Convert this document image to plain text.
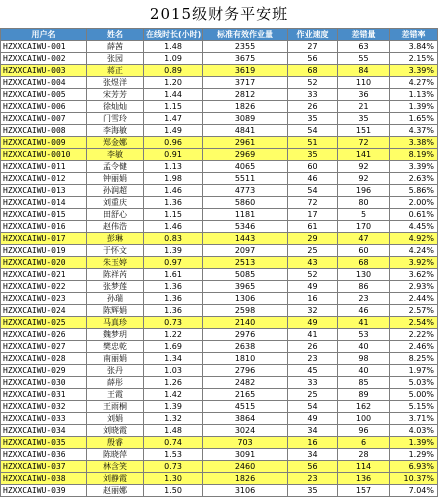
2015级财务平安班
用户名	姓名	在线时长(小时)	标准有效作业量	作业速度	差错量	差错率
HZXXCAIWU-001	薛茜	1.48	2355	27	63	3.84%
HZXXCAIWU-002	张园	1.09	3675	56	55	2.15%
HZXXCAIWU-003	蒋正	0.89	3619	68	84	3.39%
HZXXCAIWU-004	张煜洋	1.20	3717	52	110	4.27%
HZXXCAIWU-005	宋芳芳	1.44	2812	33	36	1.13%
HZXXCAIWU-006	徐灿灿	1.15	1826	26	21	1.39%
HZXXCAIWU-007	门雪玲	1.47	3089	35	35	1.65%
HZXXCAIWU-008	李海敏	1.49	4841	54	151	4.37%
HZXXCAIWU-009	郑金娜	0.96	2961	51	72	3.38%
HZXXCAIWU-0010	李敏	0.91	2969	35	141	8.19%
HZXXCAIWU-011	孟令健	1.13	4065	60	92	3.39%
HZXXCAIWU-012	钟丽娟	1.98	5511	46	92	2.63%
HZXXCAIWU-013	孙润超	1.46	4773	54	196	5.86%
HZXXCAIWU-014	刘重庆	1.36	5860	72	80	2.00%
HZXXCAIWU-015	田舒心	1.15	1181	17	5	0.61%
HZXXCAIWU-016	赵伟浩	1.46	5346	61	170	4.45%
HZXXCAIWU-017	彭琳	0.83	1443	29	47	4.92%
HZXXCAIWU-019	于怀文	1.39	2097	25	60	4.24%
HZXXCAIWU-020	朱玉婷	0.97	2513	43	68	3.92%
HZXXCAIWU-021	陈祥芮	1.61	5085	52	130	3.62%
HZXXCAIWU-022	张梦莲	1.36	3965	49	86	2.93%
HZXXCAIWU-023	孙瑞	1.36	1306	16	23	2.44%
HZXXCAIWU-024	陈辉娟	1.36	2598	32	46	2.57%
HZXXCAIWU-025	马真珍	0.73	2140	49	41	2.54%
HZXXCAIWU-026	魏梦玥	1.22	2976	41	53	2.22%
HZXXCAIWU-027	樊忠乾	1.69	2638	26	40	2.46%
HZXXCAIWU-028	南丽娟	1.34	1810	23	98	8.25%
HZXXCAIWU-029	张丹	1.03	2796	45	40	1.97%
HZXXCAIWU-030	薛彤	1.26	2482	33	85	5.03%
HZXXCAIWU-031	王霞	1.42	2165	25	89	5.00%
HZXXCAIWU-032	王雨桐	1.39	4515	54	162	5.15%
HZXXCAIWU-033	刘娟	1.32	3864	49	100	3.71%
HZXXCAIWU-034	刘晓霞	1.48	3024	34	96	4.03%
HZXXCAIWU-035	殷睿	0.74	703	16	6	1.39%
HZXXCAIWU-036	陈晓萍	1.53	3091	34	28	1.29%
HZXXCAIWU-037	林含笑	0.73	2460	56	114	6.93%
HZXXCAIWU-038	刘静霞	1.30	1826	23	136	10.37%
HZXXCAIWU-039	赵丽娜	1.50	3106	35	157	7.04%
